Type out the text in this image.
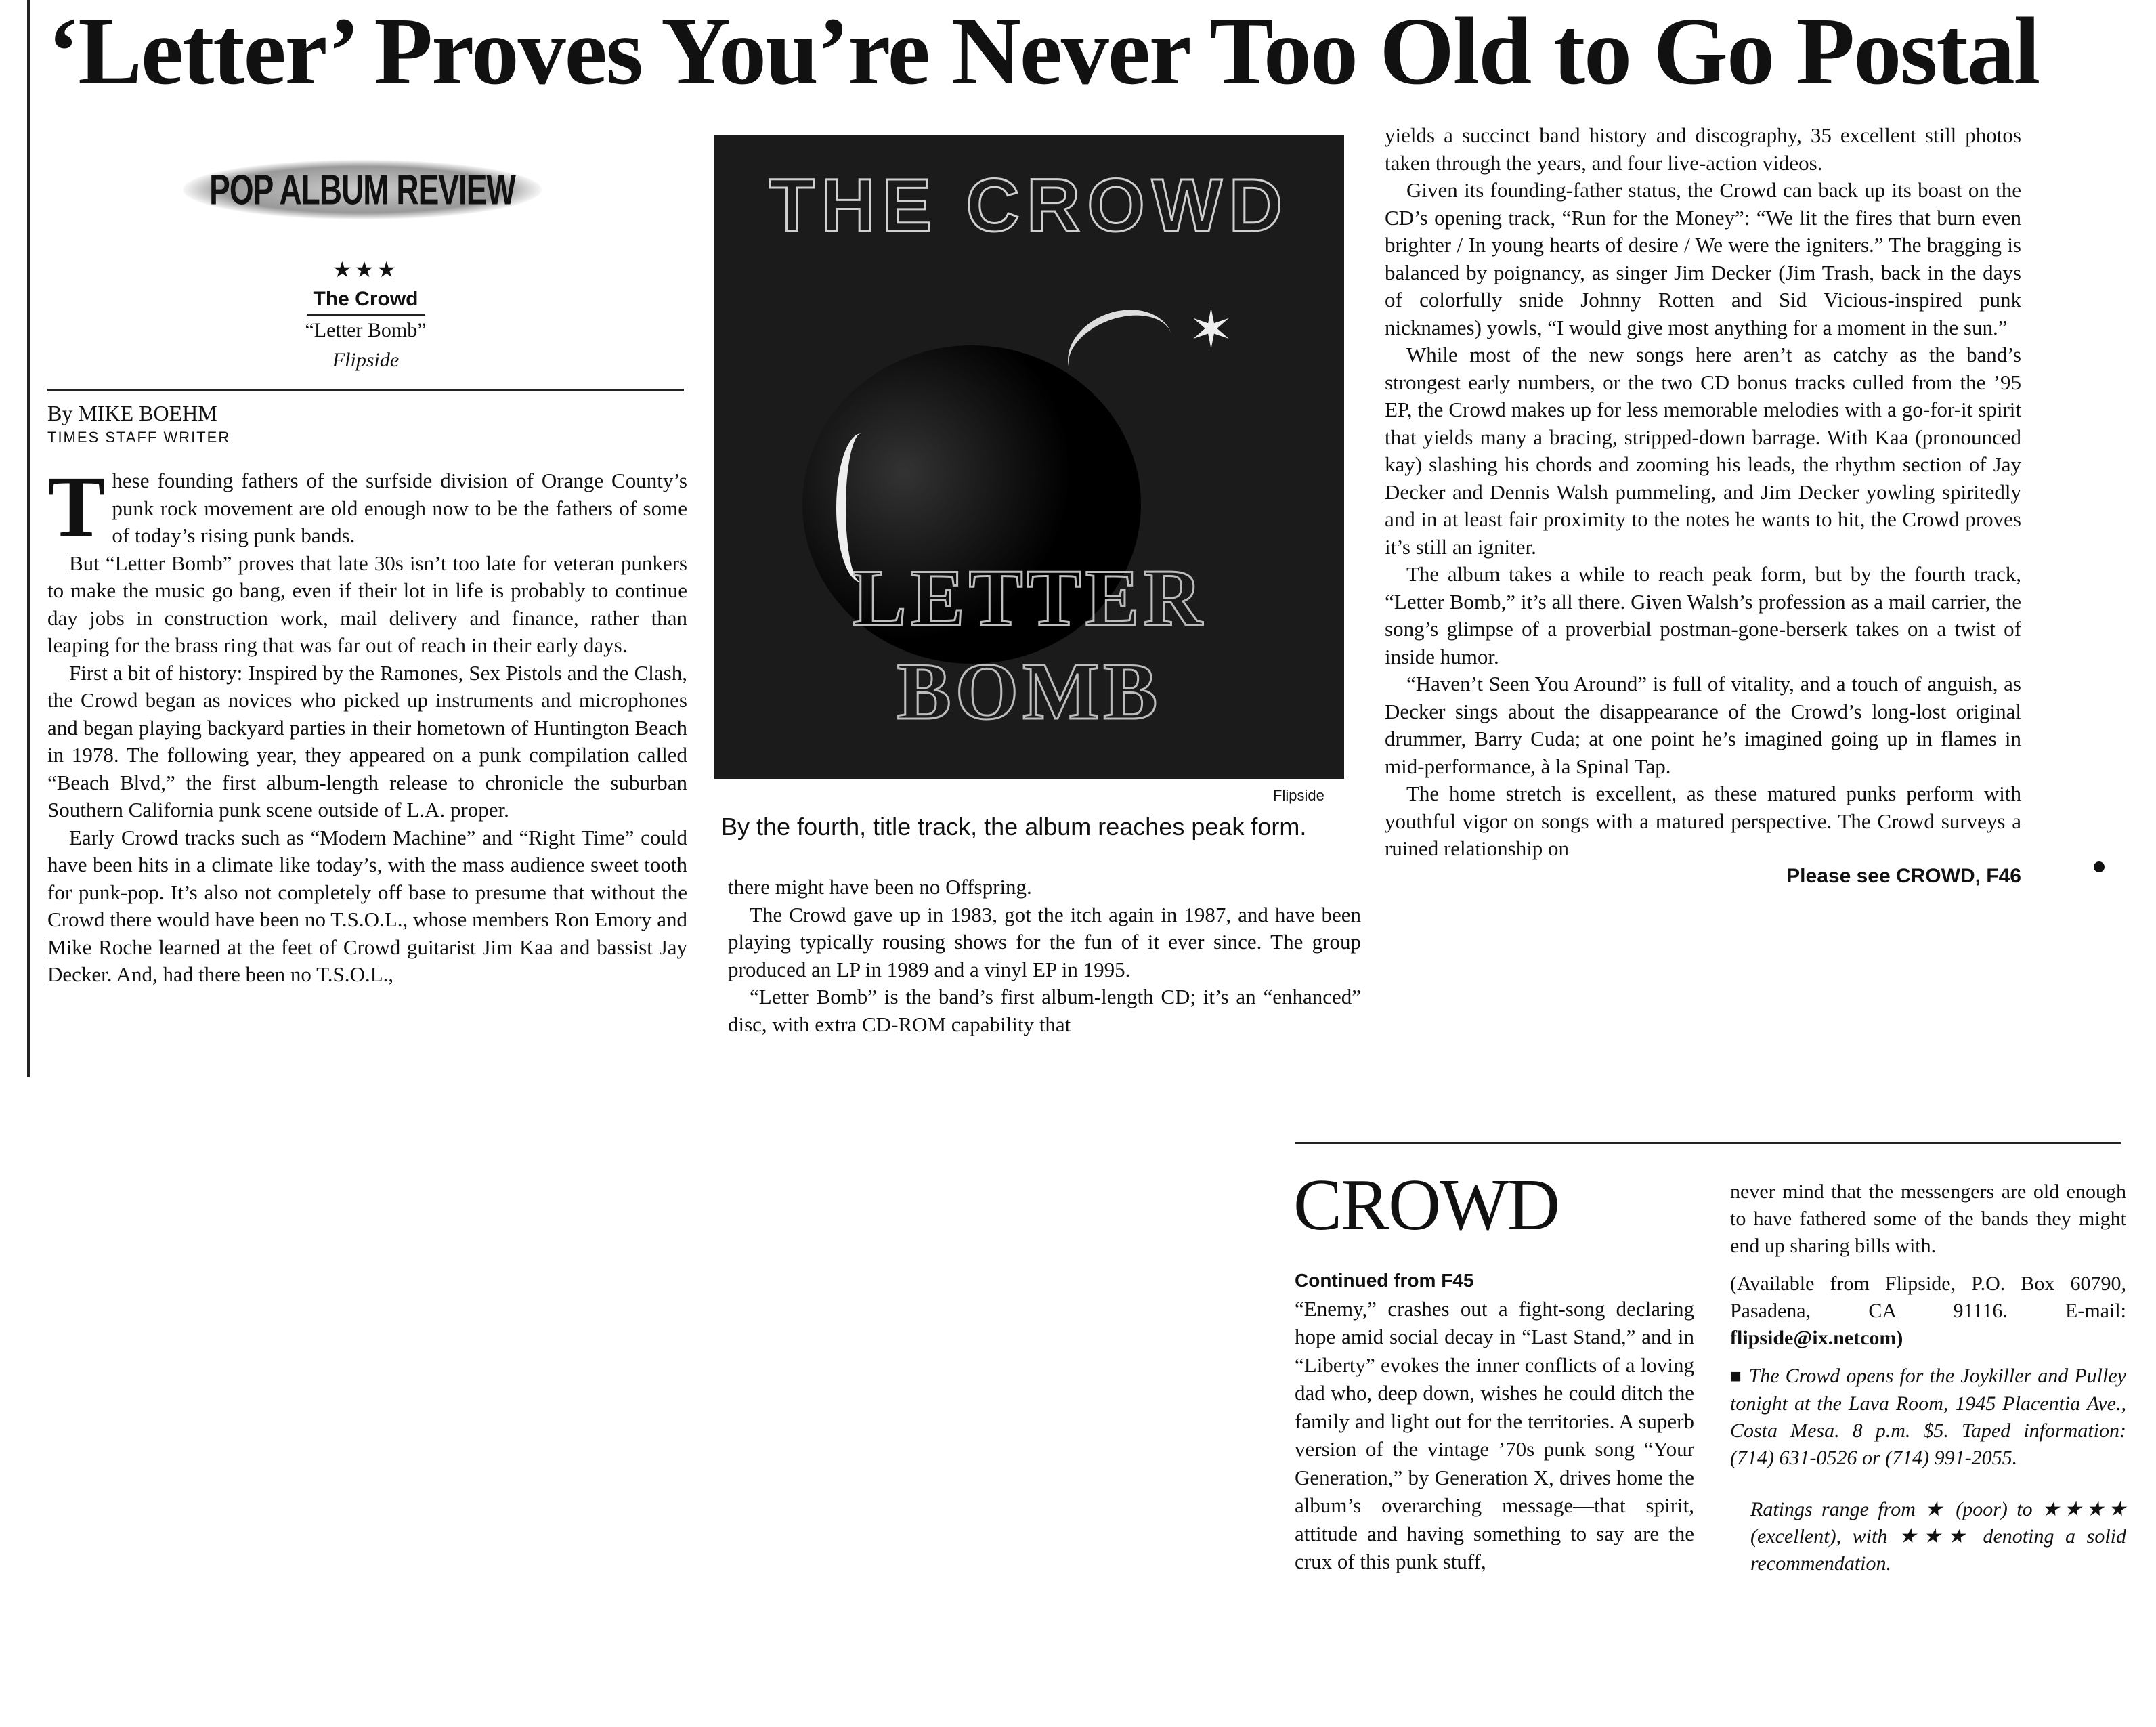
‘Letter’ Proves You’re Never Too Old to Go Postal
POP ALBUM REVIEW
★★★
The Crowd
“Letter Bomb”
Flipside
By MIKE BOEHM
TIMES STAFF WRITER

These founding fathers of the surfside division of Orange County’s punk rock movement are old enough now to be the fathers of some of today’s rising punk bands.

But “Letter Bomb” proves that late 30s isn’t too late for veteran punkers to make the music go bang, even if their lot in life is probably to continue day jobs in construction work, mail delivery and finance, rather than leaping for the brass ring that was far out of reach in their early days.

First a bit of history: Inspired by the Ramones, Sex Pistols and the Clash, the Crowd began as novices who picked up instruments and microphones and began playing backyard parties in their hometown of Huntington Beach in 1978. The following year, they appeared on a punk compilation called “Beach Blvd,” the first album-length release to chronicle the suburban Southern California punk scene outside of L.A. proper.

Early Crowd tracks such as “Modern Machine” and “Right Time” could have been hits in a climate like today’s, with the mass audience sweet tooth for punk-pop. It’s also not completely off base to presume that without the Crowd there would have been no T.S.O.L., whose members Ron Emory and Mike Roche learned at the feet of Crowd guitarist Jim Kaa and bassist Jay Decker. And, had there been no T.S.O.L.,

THE CROWD
✶
LETTER BOMB
Flipside
By the fourth, title track, the album reaches peak form.

there might have been no Offspring.

The Crowd gave up in 1983, got the itch again in 1987, and have been playing typically rousing shows for the fun of it ever since. The group produced an LP in 1989 and a vinyl EP in 1995.

“Letter Bomb” is the band’s first album-length CD; it’s an “enhanced” disc, with extra CD-ROM capability that

yields a succinct band history and discography, 35 excellent still photos taken through the years, and four live-action videos.

Given its founding-father status, the Crowd can back up its boast on the CD’s opening track, “Run for the Money”: “We lit the fires that burn even brighter / In young hearts of desire / We were the igniters.” The bragging is balanced by poignancy, as singer Jim Decker (Jim Trash, back in the days of colorfully snide Johnny Rotten and Sid Vicious-inspired punk nicknames) yowls, “I would give most anything for a moment in the sun.”

While most of the new songs here aren’t as catchy as the band’s strongest early numbers, or the two CD bonus tracks culled from the ’95 EP, the Crowd makes up for less memorable melodies with a go-for-it spirit that yields many a bracing, stripped-down barrage. With Kaa (pronounced kay) slashing his chords and zooming his leads, the rhythm section of Jay Decker and Dennis Walsh pummeling, and Jim Decker yowling spiritedly and in at least fair proximity to the notes he wants to hit, the Crowd proves it’s still an igniter.

The album takes a while to reach peak form, but by the fourth track, “Letter Bomb,” it’s all there. Given Walsh’s profession as a mail carrier, the song’s glimpse of a proverbial postman-gone-berserk takes on a twist of inside humor.

“Haven’t Seen You Around” is full of vitality, and a touch of anguish, as Decker sings about the disappearance of the Crowd’s long-lost original drummer, Barry Cuda; at one point he’s imagined going up in flames in mid-performance, à la Spinal Tap.

The home stretch is excellent, as these matured punks perform with youthful vigor on songs with a matured perspective. The Crowd surveys a ruined relationship on

Please see CROWD, F46
CROWD
Continued from F45

“Enemy,” crashes out a fight-song declaring hope amid social decay in “Last Stand,” and in “Liberty” evokes the inner conflicts of a loving dad who, deep down, wishes he could ditch the family and light out for the territories. A superb version of the vintage ’70s punk song “Your Generation,” by Generation X, drives home the album’s overarching message—that spirit, attitude and having something to say are the crux of this punk stuff,

never mind that the messengers are old enough to have fathered some of the bands they might end up sharing bills with.

(Available from Flipside, P.O. Box 60790, Pasadena, CA 91116. E-mail: flipside@ix.netcom)

■ The Crowd opens for the Joykiller and Pulley tonight at the Lava Room, 1945 Placentia Ave., Costa Mesa. 8 p.m. $5. Taped information: (714) 631-0526 or (714) 991-2055.

Ratings range from ★ (poor) to ★★★★ (excellent), with ★★★ denoting a solid recommendation.
